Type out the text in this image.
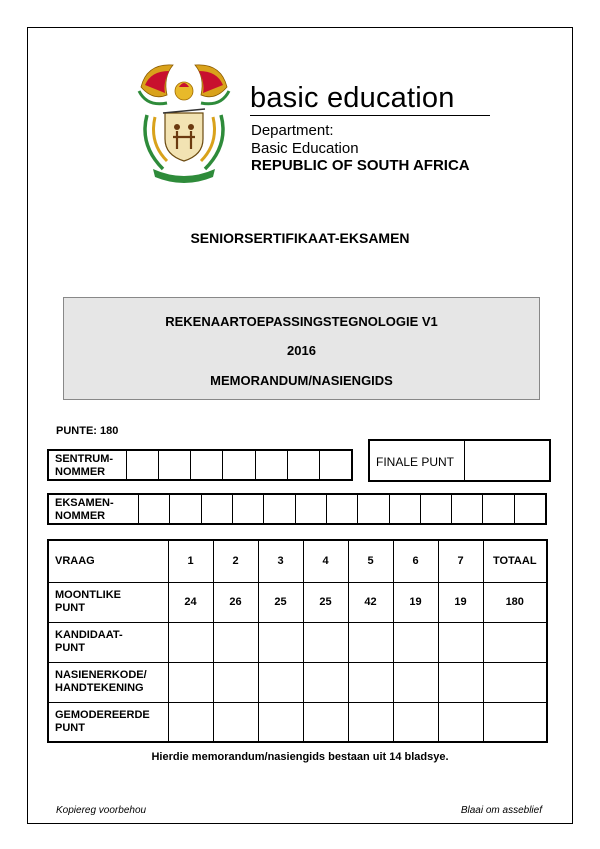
basic education
Department:
Basic Education
REPUBLIC OF SOUTH AFRICA
SENIORSERTIFIKAAT-EKSAMEN
REKENAARTOEPASSINGSTEGNOLOGIE V1
2016
MEMORANDUM/NASIENGIDS
PUNTE: 180
SENTRUM-
NOMMER
FINALE PUNT
EKSAMEN-
NOMMER
VRAAG	1	2	3	4	5	6	7	TOTAAL
MOONTLIKE
PUNT	24	26	25	25	42	19	19	180
KANDIDAAT-
PUNT								
NASIENERKODE/
HANDTEKENING								
GEMODEREERDE
PUNT								
Hierdie memorandum/nasiengids bestaan uit 14 bladsye.
Kopiereg voorbehou	Blaai om asseblief
